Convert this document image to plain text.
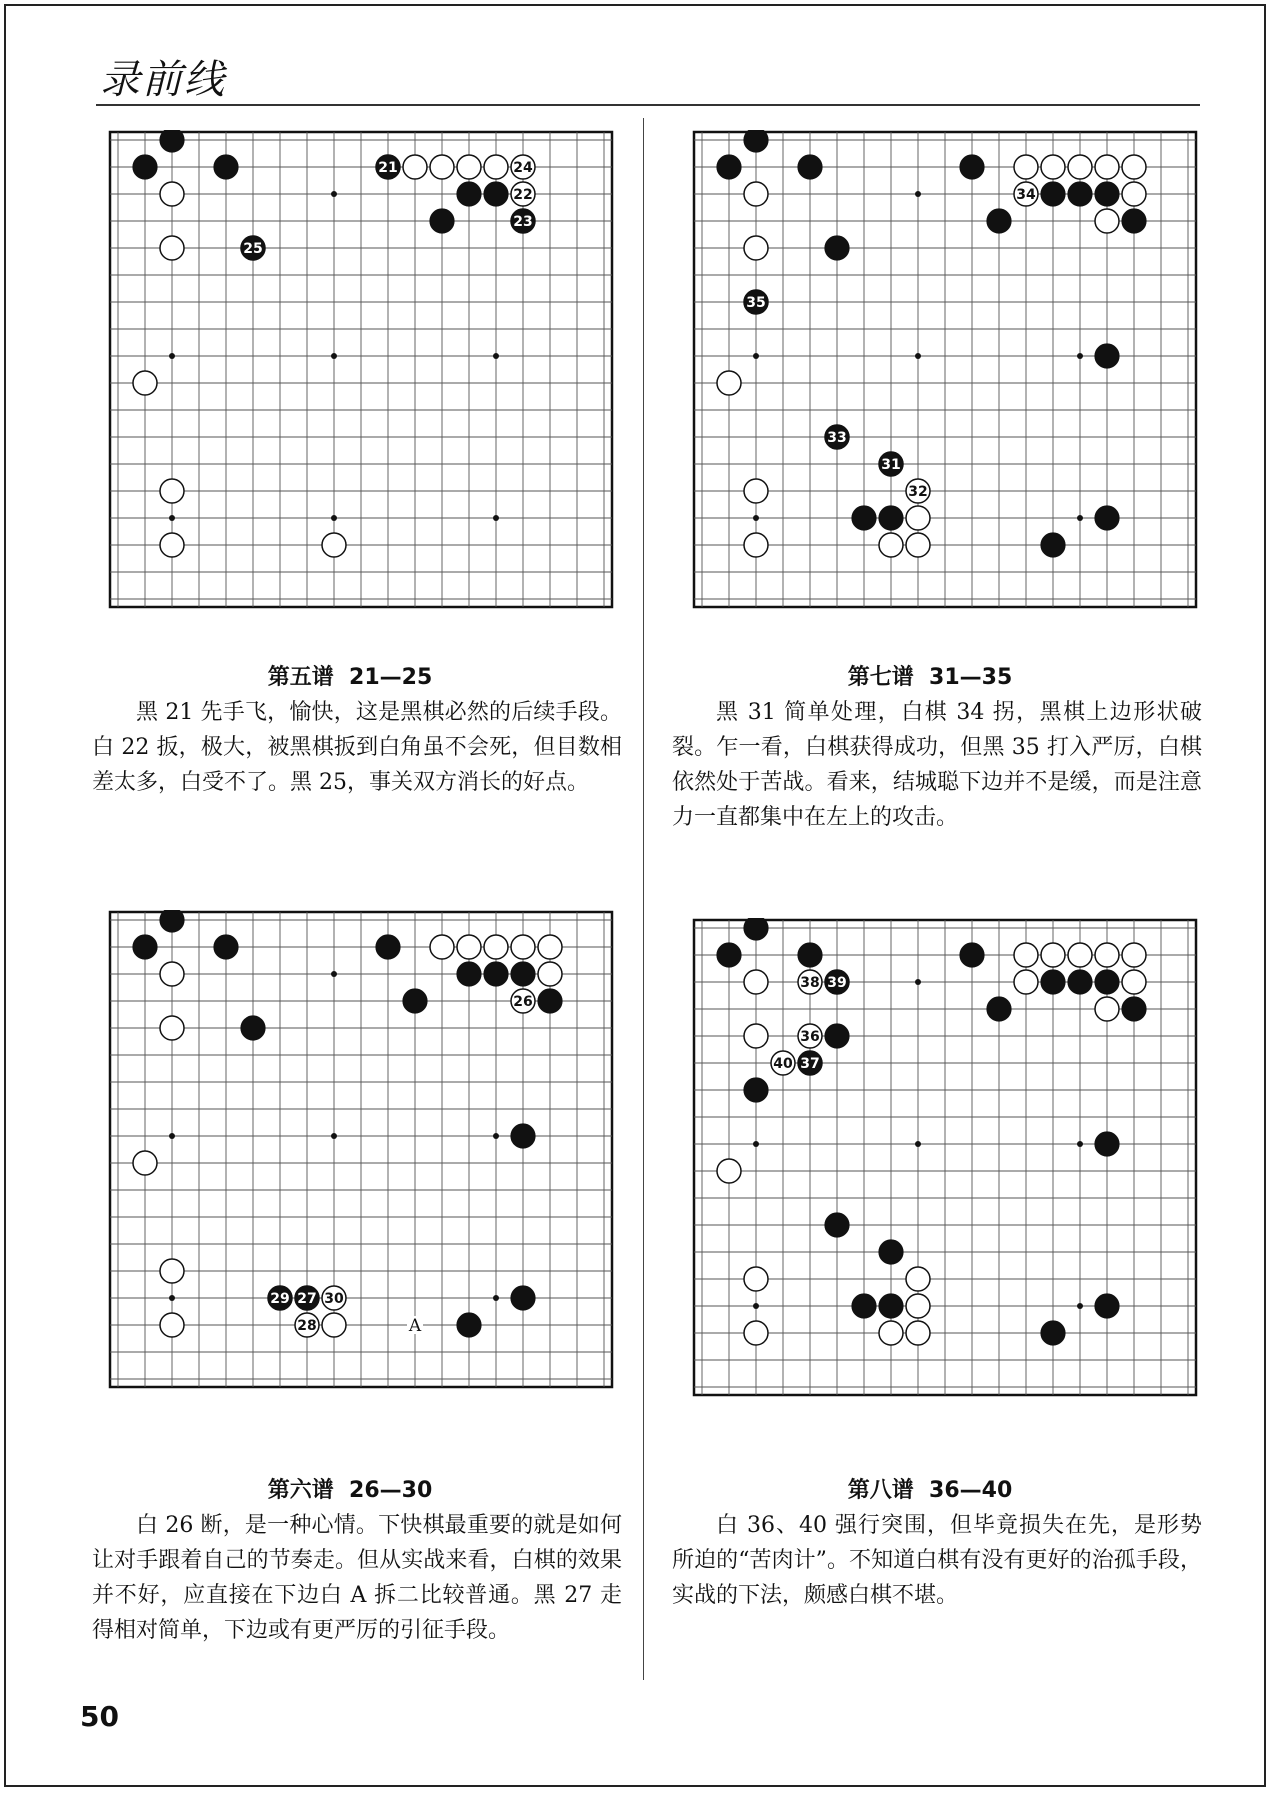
录前线
21
22
23
24
25
第五谱 21—25
黑 21 先手飞，愉快，这是黑棋必然的后续手段。白 22 扳，极大，被黑棋扳到白角虽不会死，但目数相差太多，白受不了。黑 25，事关双方消长的好点。
31
32
33
34
35
第七谱 31—35
黑 31 简单处理，白棋 34 拐，黑棋上边形状破裂。乍一看，白棋获得成功，但黑 35 打入严厉，白棋依然处于苦战。看来，结城聪下边并不是缓，而是注意力一直都集中在左上的攻击。
26
27
28
29 30
A
第六谱 26—30
白 26 断，是一种心情。下快棋最重要的就是如何让对手跟着自己的节奏走。但从实战来看，白棋的效果并不好，应直接在下边白 A 拆二比较普通。黑 27 走得相对简单，下边或有更严厉的引征手段。
36
37
38 39
40
第八谱 36—40
白 36、40 强行突围，但毕竟损失在先，是形势所迫的“苦肉计”。不知道白棋有没有更好的治孤手段，实战的下法，颇感白棋不堪。
50
